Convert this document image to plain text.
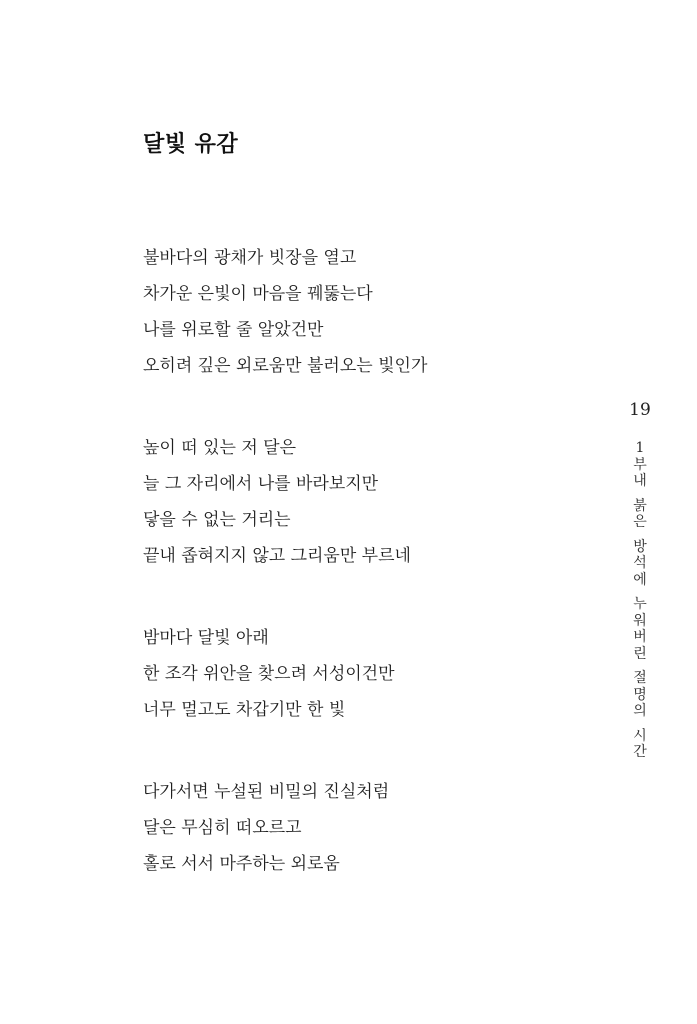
달빛 유감
불바다의 광채가 빗장을 열고
차가운 은빛이 마음을 꿰뚫는다
나를 위로할 줄 알았건만
오히려 깊은 외로움만 불러오는 빛인가
높이 떠 있는 저 달은
늘 그 자리에서 나를 바라보지만
닿을 수 없는 거리는
끝내 좁혀지지 않고 그리움만 부르네
밤마다 달빛 아래
한 조각 위안을 찾으려 서성이건만
너무 멀고도 차갑기만 한 빛
다가서면 누설된 비밀의 진실처럼
달은 무심히 떠오르고
홀로 서서 마주하는 외로움
19
1
부
내
붉
은
방
석
에
누
워
버
린
절
명
의
시
간
